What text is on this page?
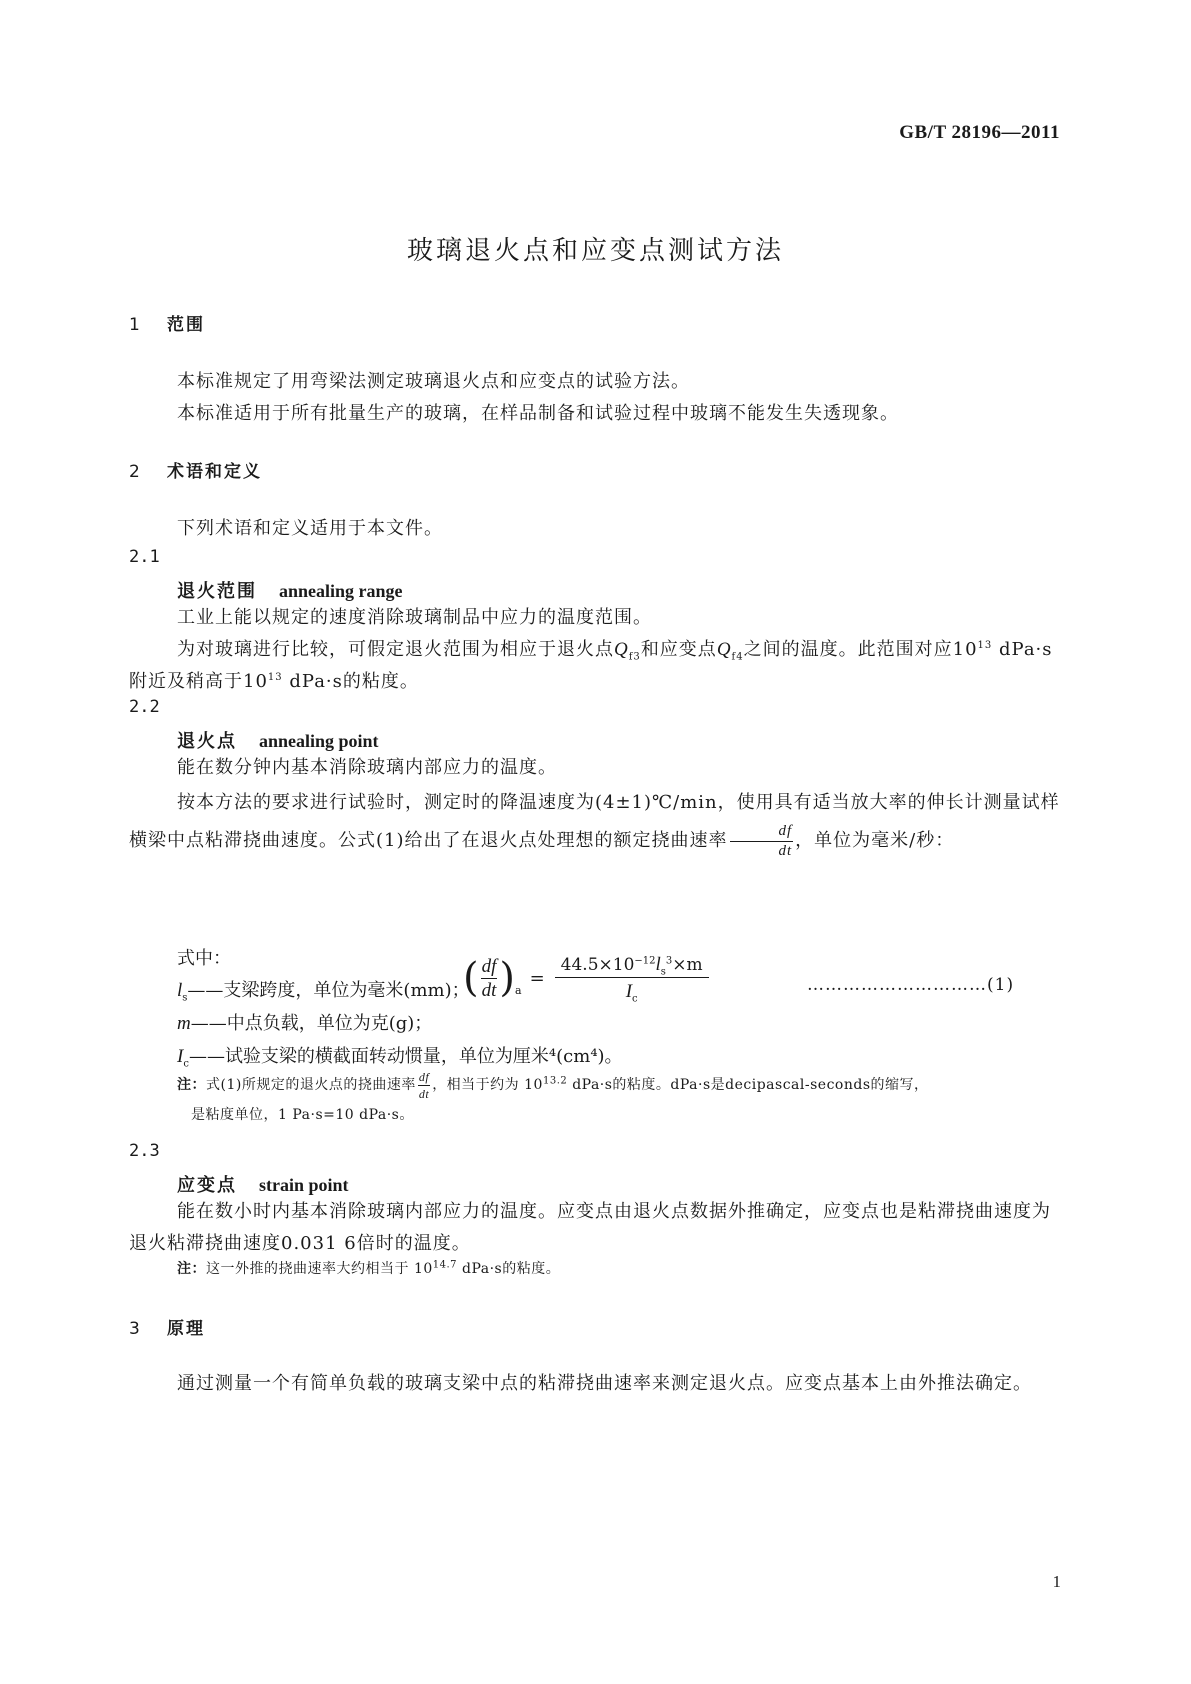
GB/T 28196—2011
玻璃退火点和应变点测试方法
1 范围
本标准规定了用弯梁法测定玻璃退火点和应变点的试验方法。
本标准适用于所有批量生产的玻璃，在样品制备和试验过程中玻璃不能发生失透现象。
2 术语和定义
下列术语和定义适用于本文件。
2.1
退火范围 annealing range
工业上能以规定的速度消除玻璃制品中应力的温度范围。
为对玻璃进行比较，可假定退火范围为相应于退火点$Q_{f3}$和应变点$Q_{f4}$之间的温度。此范围对应$10^{13}$ dPa·s附近及稍高于$10^{13}$ dPa·s的粘度。
2.2
退火点 annealing point
能在数分钟内基本消除玻璃内部应力的温度。
按本方法的要求进行试验时，测定时的降温速度为(4±1)℃/min，使用具有适当放大率的伸长计测量试样横梁中点粘滞挠曲速度。公式(1)给出了在退火点处理想的额定挠曲速率 $\frac{df}{dt}$ ，单位为毫米/秒：
( $\frac{df}{dt}$ ) a
= $\frac{44.5\times 10^{-12}l_s^3\times m}{I_c}$	…………………………(1)
式中：
$l_s——$支梁跨度，单位为毫米(mm)；
m——中点负载，单位为克(g)；
$I_c——$试验支梁的横截面转动惯量，单位为厘米⁴(cm⁴)。
注：式(1)所规定的退火点的挠曲速率 $\frac{df}{dt}$ ，相当于约为 $10^{13.2}$ dPa·s的粘度。dPa·s是decipascal-seconds的缩写，
是粘度单位，1 Pa·s=10 dPa·s。
2.3
应变点 strain point
能在数小时内基本消除玻璃内部应力的温度。应变点由退火点数据外推确定，应变点也是粘滞挠曲速度为退火粘滞挠曲速度0.031 6倍时的温度。
注：这一外推的挠曲速率大约相当于 $10^{14.7}$ dPa·s的粘度。
3 原理
通过测量一个有简单负载的玻璃支梁中点的粘滞挠曲速率来测定退火点。应变点基本上由外推法确定。
1
